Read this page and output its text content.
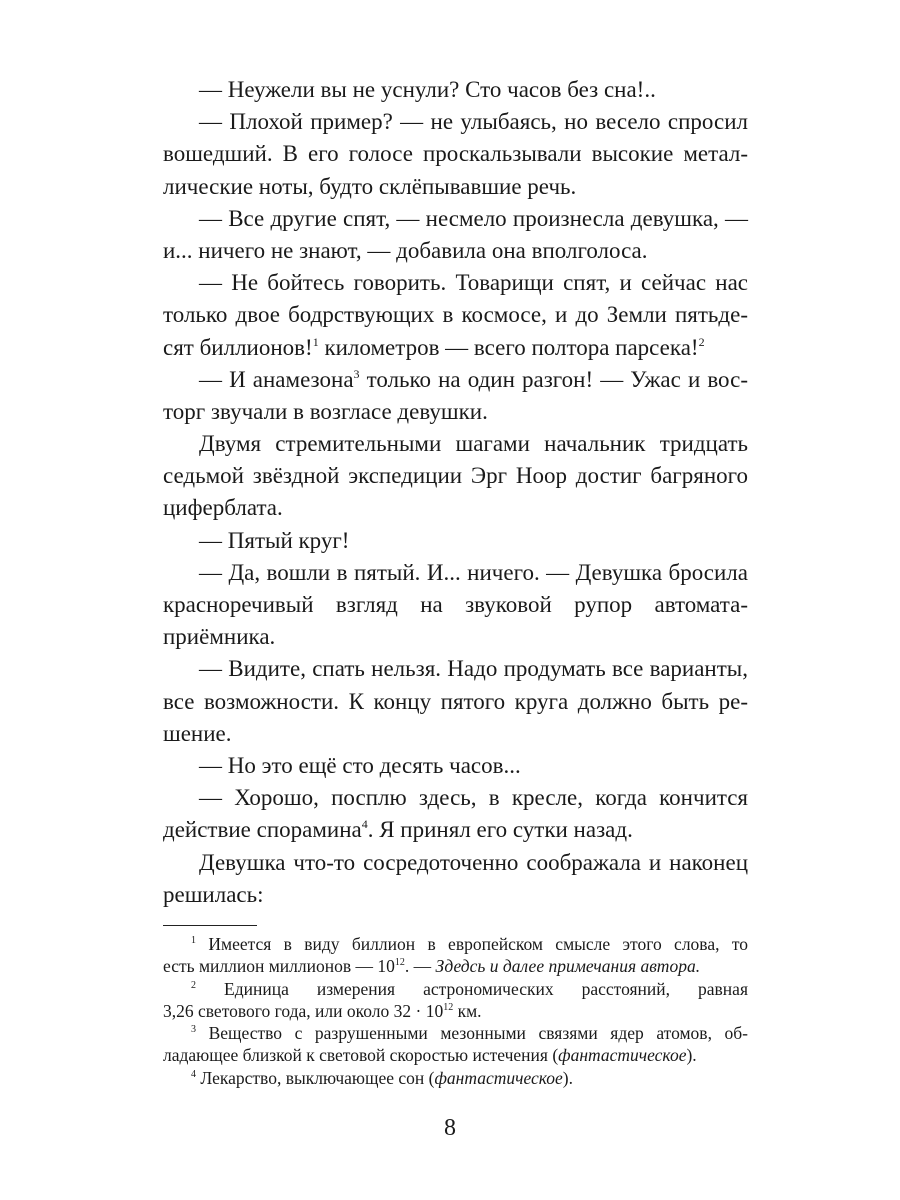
— Неужели вы не уснули? Сто часов без сна!..
— Плохой пример? — не улыбаясь, но весело спросил
вошедший. В его голосе проскальзывали высокие метал-
лические ноты, будто склёпывавшие речь.
— Все другие спят, — несмело произнесла девушка, —
и... ничего не знают, — добавила она вполголоса.
— Не бойтесь говорить. Товарищи спят, и сейчас нас
только двое бодрствующих в космосе, и до Земли пятьде-
сят биллионов!$^1$ километров — всего полтора парсека!$^2$
— И анамезона$^3$ только на один разгон! — Ужас и вос-
торг звучали в возгласе девушки.
Двумя стремительными шагами начальник тридцать
седьмой звёздной экспедиции Эрг Ноор достиг багряного
циферблата.
— Пятый круг!
— Да, вошли в пятый. И... ничего. — Девушка бросила
красноречивый взгляд на звуковой рупор автомата-
приёмника.
— Видите, спать нельзя. Надо продумать все варианты,
все возможности. К концу пятого круга должно быть ре-
шение.
— Но это ещё сто десять часов...
— Хорошо, посплю здесь, в кресле, когда кончится
действие спорамина$^4$. Я принял его сутки назад.
Девушка что-то сосредоточенно соображала и наконец
решилась:
$^1$ Имеется в виду биллион в европейском смысле этого слова, то
есть миллион миллионов — $10^{12}$. — Здедсь и далее примечания автора.
$^2$ Единица измерения астрономических расстояний, равная
3,26 светового года, или около $32 \cdot 10^{12}$ км.
$^3$ Вещество с разрушенными мезонными связями ядер атомов, об-
ладающее близкой к световой скоростью истечения (фантастическое).
$^4$ Лекарство, выключающее сон (фантастическое).
8
